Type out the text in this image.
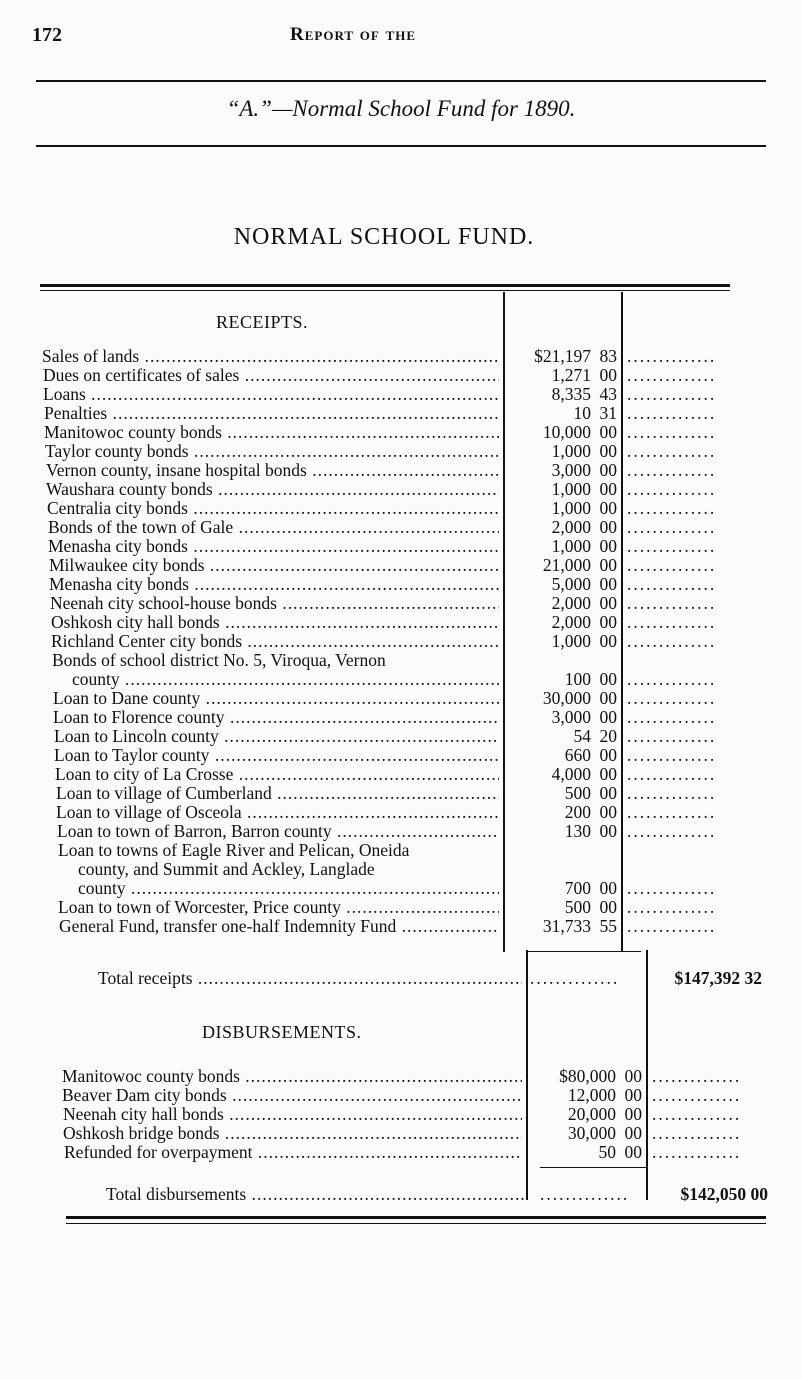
172	Report of the
“A.”—Normal School Fund for 1890.
NORMAL SCHOOL FUND.
RECEIPTS.
Sales of lands .....	$21,197 83 ..............
Dues on certificates of sales .....	1,271 00 ..............
Loans .....	8,335 43 ..............
Penalties .....	10 31 ..............
Manitowoc county bonds .....	10,000 00 ..............
Taylor county bonds .....	1,000 00 ..............
Vernon county, insane hospital bonds .....	3,000 00 ..............
Waushara county bonds .....	1,000 00 ..............
Centralia city bonds .....	1,000 00 ..............
Bonds of the town of Gale .....	2,000 00 ..............
Menasha city bonds .....	1,000 00 ..............
Milwaukee city bonds .....	21,000 00 ..............
Menasha city bonds .....	5,000 00 ..............
Neenah city school-house bonds .....	2,000 00 ..............
Oshkosh city hall bonds .....	2,000 00 ..............
Richland Center city bonds .....	1,000 00 ..............
Bonds of school district No. 5, Viroqua, Vernon
county .....	100 00 ..............
Loan to Dane county .....	30,000 00 ..............
Loan to Florence county .....	3,000 00 ..............
Loan to Lincoln county .....	54 20 ..............
Loan to Taylor county .....	660 00 ..............
Loan to city of La Crosse .....	4,000 00 ..............
Loan to village of Cumberland .....	500 00 ..............
Loan to village of Osceola .....	200 00 ..............
Loan to town of Barron, Barron county .....	130 00 ..............
Loan to towns of Eagle River and Pelican, Oneida
county, and Summit and Ackley, Langlade
county .....	700 00 ..............
Loan to town of Worcester, Price county .....	500 00 ..............
General Fund, transfer one-half Indemnity Fund .....	31,733 55 ..............
Total receipts .....	..............	$147,392 32
DISBURSEMENTS.
Manitowoc county bonds .....	$80,000 00 ..............
Beaver Dam city bonds .....	12,000 00 ..............
Neenah city hall bonds .....	20,000 00 ..............
Oshkosh bridge bonds .....	30,000 00 ..............
Refunded for overpayment .....	50 00 ..............
Total disbursements .....	..............	$142,050 00
